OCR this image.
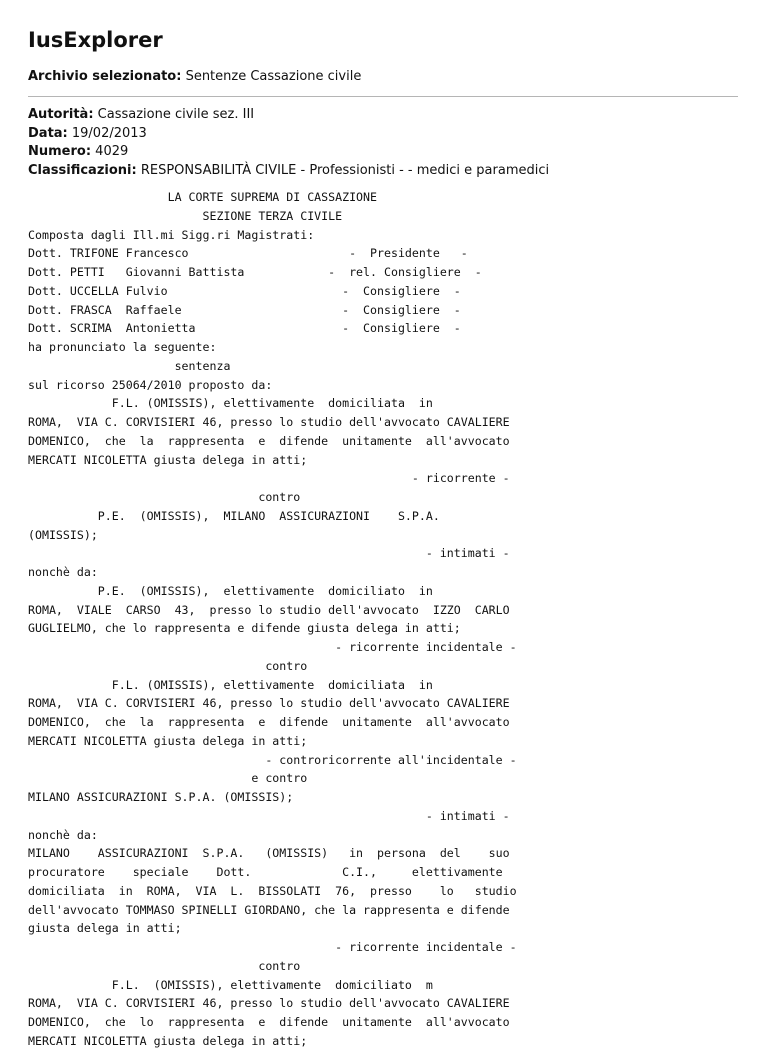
IusExplorer
Archivio selezionato: Sentenze Cassazione civile
Autorità: Cassazione civile sez. III
Data: 19/02/2013
Numero: 4029
Classificazioni: RESPONSABILITÀ CIVILE - Professionisti - - medici e paramedici
LA CORTE SUPREMA DI CASSAZIONE
SEZIONE TERZA CIVILE
Composta dagli Ill.mi Sigg.ri Magistrati:
Dott. TRIFONE Francesco                       -  Presidente   -
Dott. PETTI   Giovanni Battista            -  rel. Consigliere  -
Dott. UCCELLA Fulvio                         -  Consigliere  -
Dott. FRASCA  Raffaele                       -  Consigliere  -
Dott. SCRIMA  Antonietta                     -  Consigliere  -
ha pronunciato la seguente:
sentenza
sul ricorso 25064/2010 proposto da:
F.L. (OMISSIS), elettivamente  domiciliata  in
ROMA,  VIA C. CORVISIERI 46, presso lo studio dell'avvocato CAVALIERE
DOMENICO,  che  la  rappresenta  e  difende  unitamente  all'avvocato
MERCATI NICOLETTA giusta delega in atti;
- ricorrente -
contro
P.E.  (OMISSIS),  MILANO  ASSICURAZIONI    S.P.A.
(OMISSIS);
- intimati -
nonchè da:
P.E.  (OMISSIS),  elettivamente  domiciliato  in
ROMA,  VIALE  CARSO  43,  presso lo studio dell'avvocato  IZZO  CARLO
GUGLIELMO, che lo rappresenta e difende giusta delega in atti;
- ricorrente incidentale -
contro
F.L. (OMISSIS), elettivamente  domiciliata  in
ROMA,  VIA C. CORVISIERI 46, presso lo studio dell'avvocato CAVALIERE
DOMENICO,  che  la  rappresenta  e  difende  unitamente  all'avvocato
MERCATI NICOLETTA giusta delega in atti;
- controricorrente all'incidentale -
e contro
MILANO ASSICURAZIONI S.P.A. (OMISSIS);
- intimati -
nonchè da:
MILANO    ASSICURAZIONI  S.P.A.   (OMISSIS)   in  persona  del    suo
procuratore    speciale    Dott.             C.I.,     elettivamente
domiciliata  in  ROMA,  VIA  L.  BISSOLATI  76,  presso    lo   studio
dell'avvocato TOMMASO SPINELLI GIORDANO, che la rappresenta e difende
giusta delega in atti;
- ricorrente incidentale -
contro
F.L.  (OMISSIS), elettivamente  domiciliato  m
ROMA,  VIA C. CORVISIERI 46, presso lo studio dell'avvocato CAVALIERE
DOMENICO,  che  lo  rappresenta  e  difende  unitamente  all'avvocato
MERCATI NICOLETTA giusta delega in atti;
